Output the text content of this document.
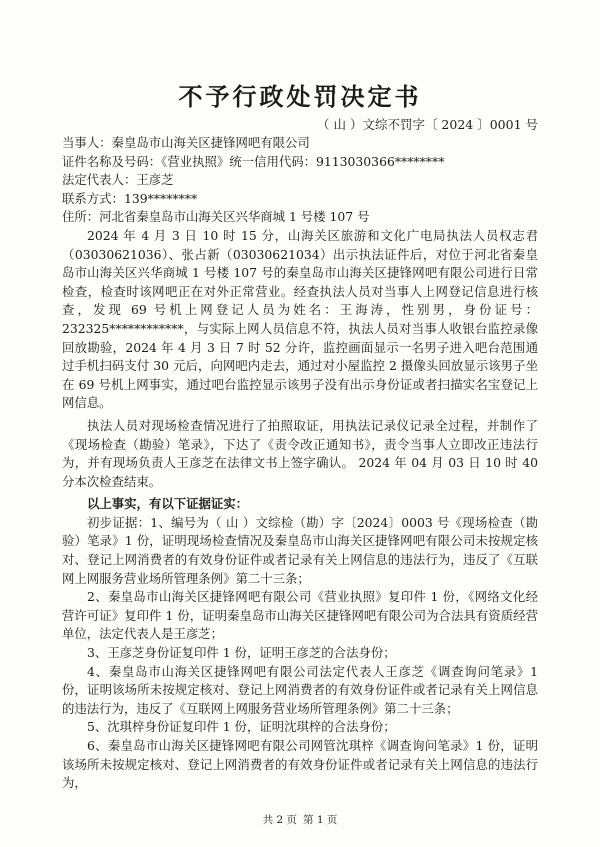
不予行政处罚决定书
（ 山 ）文综不罚字〔 2024 〕0001 号
当事人：秦皇岛市山海关区捷锋网吧有限公司
证件名称及号码：《营业执照》统一信用代码：9113030366********
法定代表人：王彦芝
联系方式：139********
住所：河北省秦皇岛市山海关区兴华商城 1 号楼 107 号
2024 年 4 月 3 日 10 时 15 分，山海关区旅游和文化广电局执法人员权志君（03030621036）、张占新（03030621034）出示执法证件后，对位于河北省秦皇岛市山海关区兴华商城 1 号楼 107 号的秦皇岛市山海关区捷锋网吧有限公司进行日常检查，检查时该网吧正在对外正常营业。经查执法人员对当事人上网登记信息进行核查，发现 69 号机上网登记人员为姓名：王海涛，性别男，身份证号：232325************，与实际上网人员信息不符，执法人员对当事人收银台监控录像回放勘验，2024 年 4 月 3 日 7 时 52 分许，监控画面显示一名男子进入吧台范围通过手机扫码支付 30 元后，向网吧内走去，通过对小屋监控 2 摄像头回放显示该男子坐在 69 号机上网事实，通过吧台监控显示该男子没有出示身份证或者扫描实名宝登记上网信息。
执法人员对现场检查情况进行了拍照取证，用执法记录仪记录全过程，并制作了《现场检查（勘验）笔录》，下达了《责令改正通知书》，责令当事人立即改正违法行为，并有现场负责人王彦芝在法律文书上签字确认。 2024 年 04 月 03 日 10 时 40 分本次检查结束。
以上事实，有以下证据证实：
初步证据：1、编号为（ 山 ）文综检（勘）字〔2024〕0003 号《现场检查（勘验）笔录》1 份，证明现场检查情况及秦皇岛市山海关区捷锋网吧有限公司未按规定核对、登记上网消费者的有效身份证件或者记录有关上网信息的违法行为，违反了《互联网上网服务营业场所管理条例》第二十三条；
2、秦皇岛市山海关区捷锋网吧有限公司《营业执照》复印件 1 份，《网络文化经营许可证》复印件 1 份，证明秦皇岛市山海关区捷锋网吧有限公司为合法具有资质经营单位，法定代表人是王彦芝；
3、王彦芝身份证复印件 1 份，证明王彦芝的合法身份；
4、秦皇岛市山海关区捷锋网吧有限公司法定代表人王彦芝《调查询问笔录》1 份，证明该场所未按规定核对、登记上网消费者的有效身份证件或者记录有关上网信息的违法行为，违反了《互联网上网服务营业场所管理条例》第二十三条；
5、沈琪梓身份证复印件 1 份，证明沈琪梓的合法身份；
6、秦皇岛市山海关区捷锋网吧有限公司网管沈琪梓《调查询问笔录》1 份，证明该场所未按规定核对、登记上网消费者的有效身份证件或者记录有关上网信息的违法行为，
共 2 页 第 1 页
